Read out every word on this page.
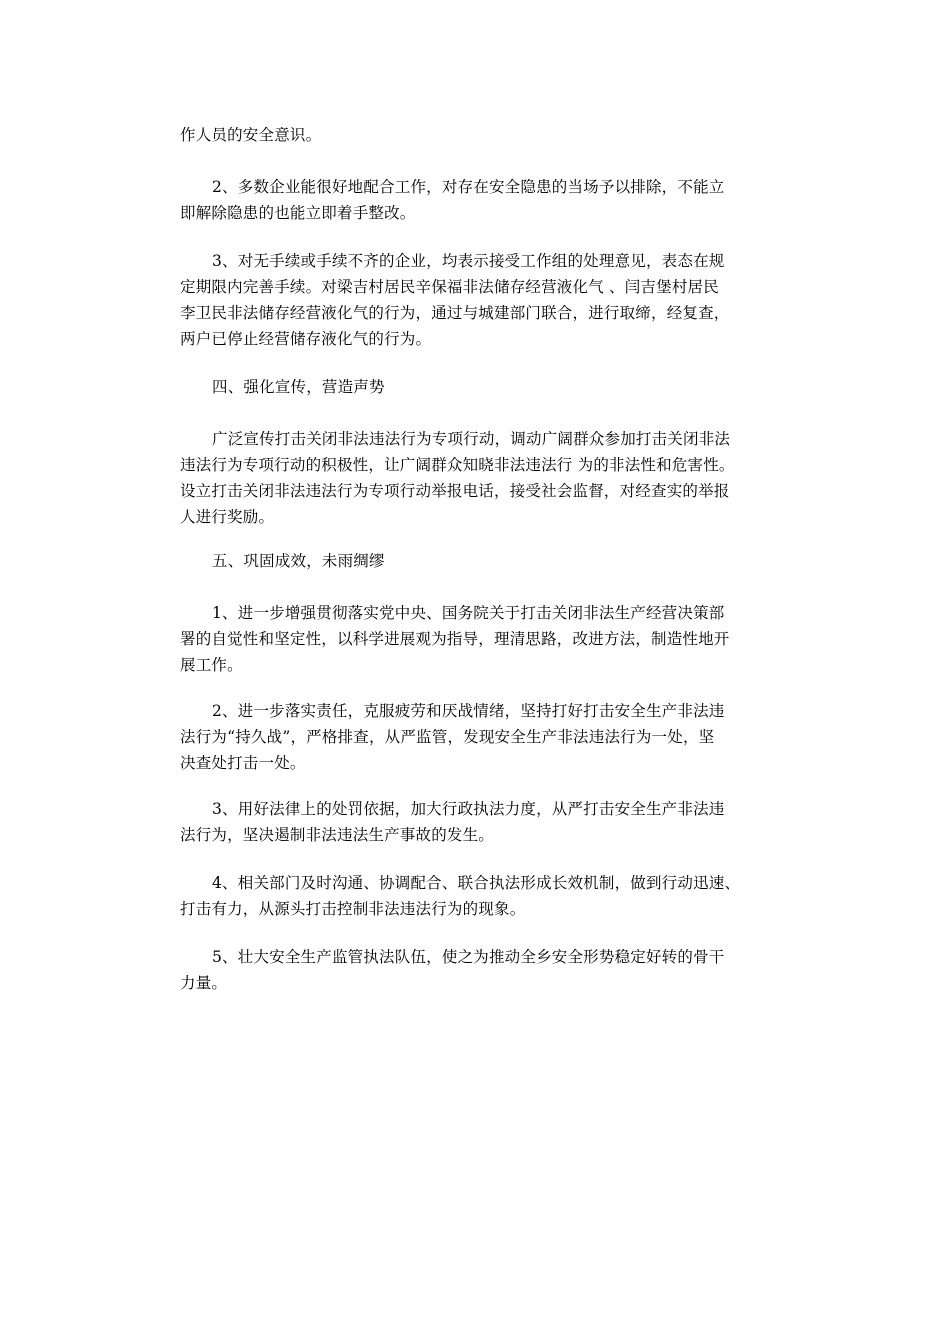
作人员的安全意识。

2、多数企业能很好地配合工作，对存在安全隐患的当场予以排除，不能立
即解除隐患的也能立即着手整改。

3、对无手续或手续不齐的企业，均表示接受工作组的处理意见，表态在规
定期限内完善手续。对梁吉村居民辛保福非法储存经营液化气 、闫吉堡村居民
李卫民非法储存经营液化气的行为，通过与城建部门联合，进行取缔，经复查，
两户已停止经营储存液化气的行为。

四、强化宣传，营造声势

广泛宣传打击关闭非法违法行为专项行动，调动广阔群众参加打击关闭非法
违法行为专项行动的积极性，让广阔群众知晓非法违法行 为的非法性和危害性。
设立打击关闭非法违法行为专项行动举报电话，接受社会监督，对经查实的举报
人进行奖励。

五、巩固成效，未雨绸缪

1、进一步增强贯彻落实党中央、国务院关于打击关闭非法生产经营决策部
署的自觉性和坚定性，以科学进展观为指导，理清思路，改进方法，制造性地开
展工作。

2、进一步落实责任，克服疲劳和厌战情绪，坚持打好打击安全生产非法违
法行为“持久战”，严格排查，从严监管，发现安全生产非法违法行为一处，坚
决查处打击一处。

3、用好法律上的处罚依据，加大行政执法力度，从严打击安全生产非法违
法行为，坚决遏制非法违法生产事故的发生。

4、相关部门及时沟通、协调配合、联合执法形成长效机制，做到行动迅速、
打击有力，从源头打击控制非法违法行为的现象。

5、壮大安全生产监管执法队伍，使之为推动全乡安全形势稳定好转的骨干
力量。
